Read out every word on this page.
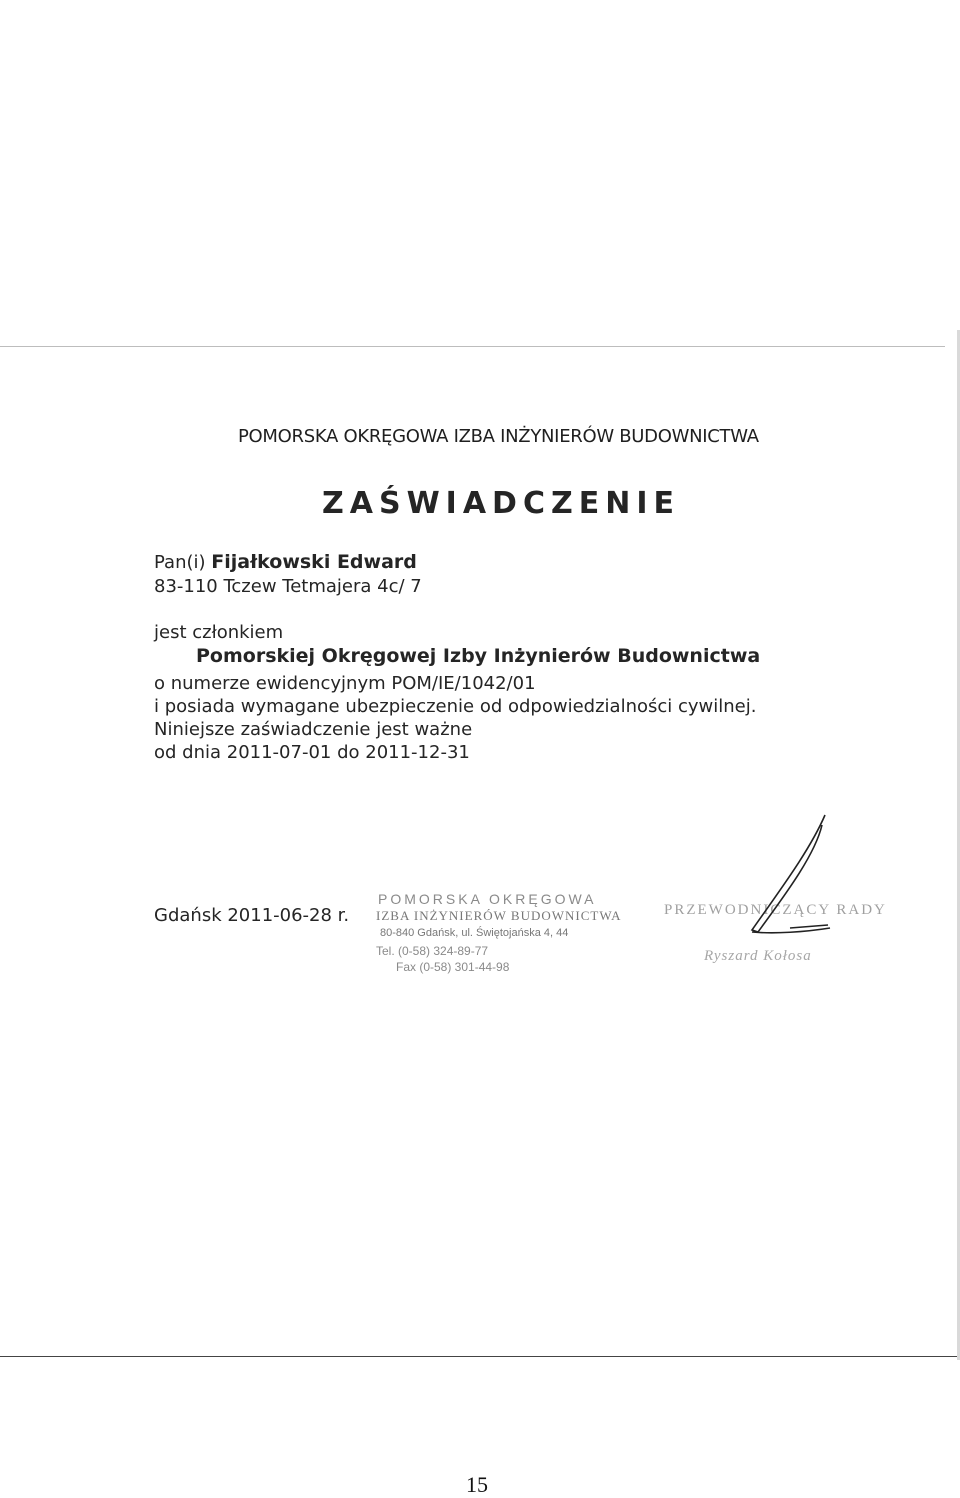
POMORSKA OKRĘGOWA IZBA INŻYNIERÓW BUDOWNICTWA
ZAŚWIADCZENIE
Pan(i) Fijałkowski Edward
83-110 Tczew Tetmajera 4c/ 7
jest członkiem
Pomorskiej Okręgowej Izby Inżynierów Budownictwa
o numerze ewidencyjnym POM/IE/1042/01
i posiada wymagane ubezpieczenie od odpowiedzialności cywilnej.
Niniejsze zaświadczenie jest ważne
od dnia 2011-07-01 do 2011-12-31
Gdańsk 2011-06-28 r.
POMORSKA OKRĘGOWA
IZBA INŻYNIERÓW BUDOWNICTWA
80-840 Gdańsk, ul. Świętojańska 4, 44
Tel. (0-58) 324-89-77
Fax (0-58) 301-44-98
PRZEWODNICZĄCY RADY
Ryszard Kołosa
15
